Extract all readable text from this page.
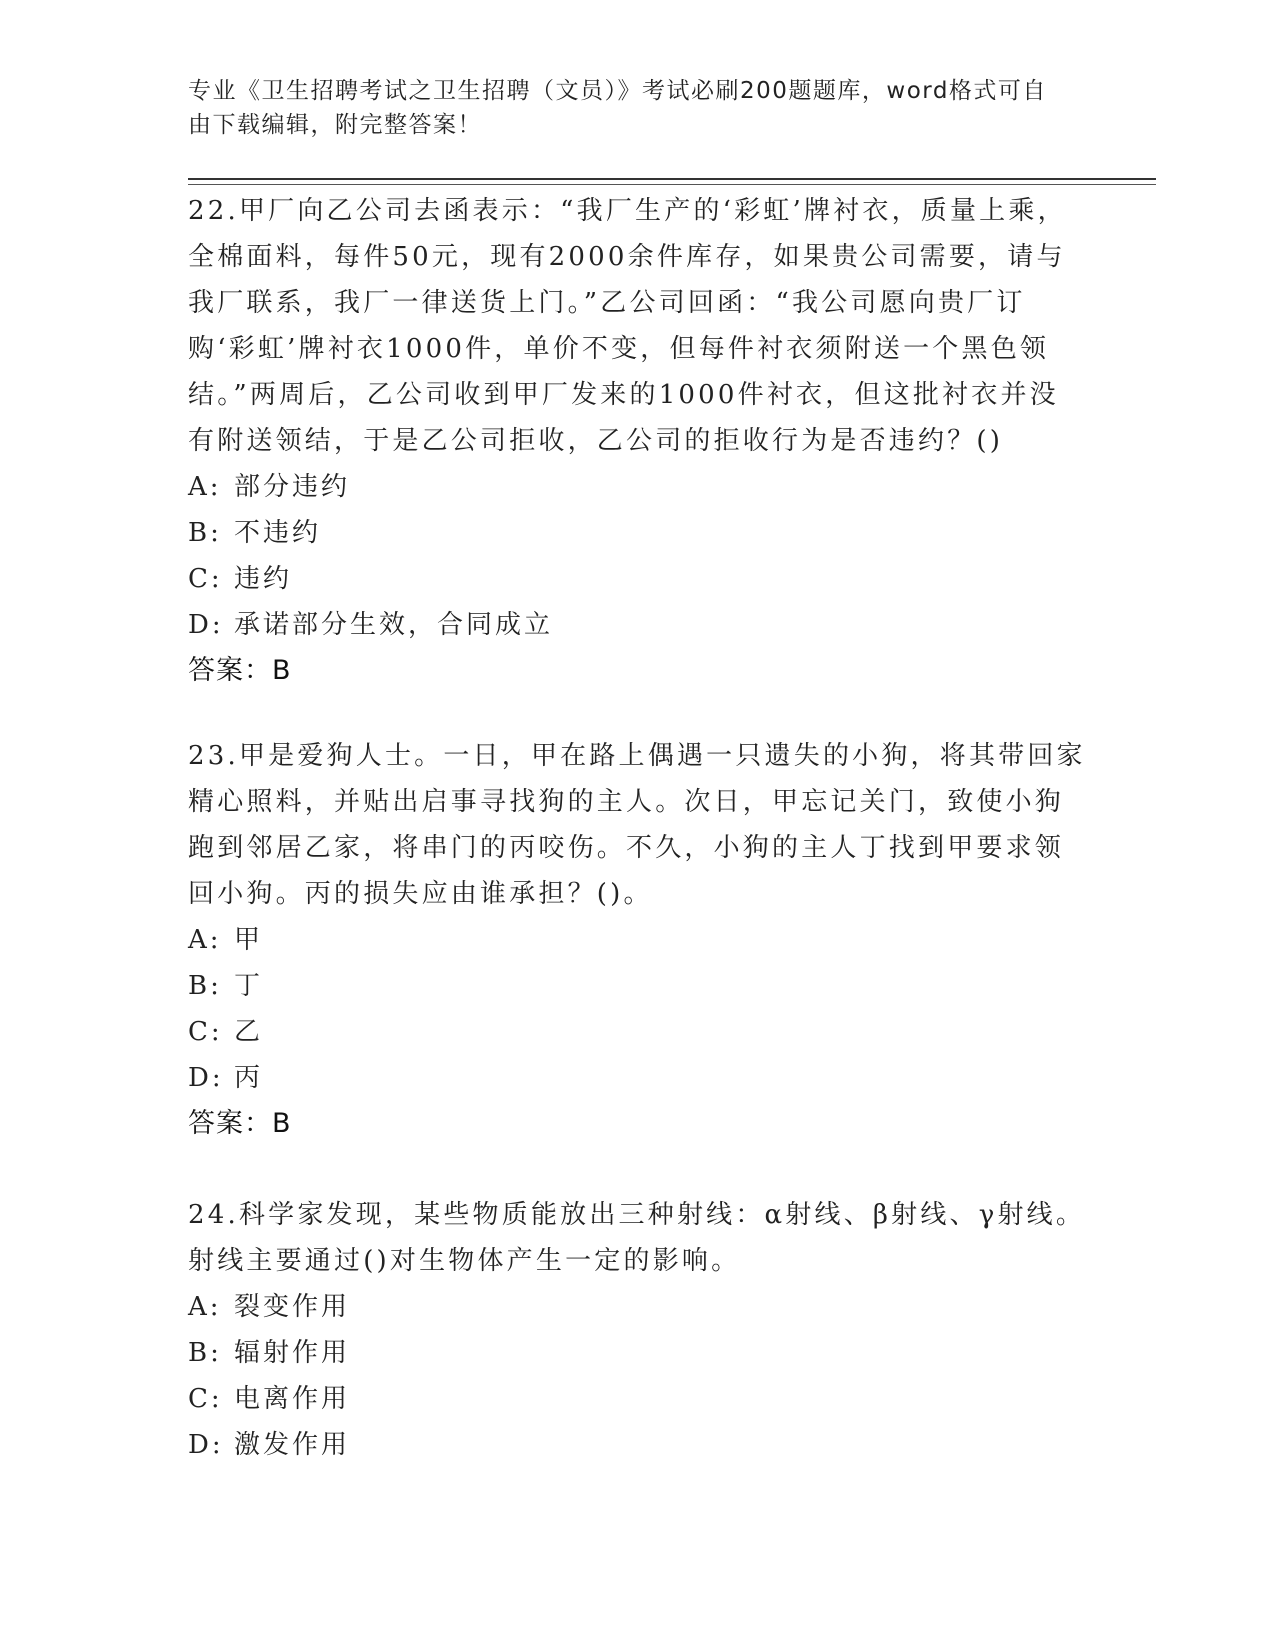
专业《卫生招聘考试之卫生招聘（文员）》考试必刷200题题库，word格式可自
由下载编辑，附完整答案！

22.甲厂向乙公司去函表示：“我厂生产的‘彩虹’牌衬衣，质量上乘，全棉面料，每件50元，现有2000余件库存，如果贵公司需要，请与我厂联系，我厂一律送货上门。”乙公司回函：“我公司愿向贵厂订购‘彩虹’牌衬衣1000件，单价不变，但每件衬衣须附送一个黑色领结。”两周后，乙公司收到甲厂发来的1000件衬衣，但这批衬衣并没有附送领结，于是乙公司拒收，乙公司的拒收行为是否违约？()

A: 部分违约

B: 不违约

C: 违约

D: 承诺部分生效，合同成立

答案：B

23.甲是爱狗人士。一日，甲在路上偶遇一只遗失的小狗，将其带回家精心照料，并贴出启事寻找狗的主人。次日，甲忘记关门，致使小狗跑到邻居乙家，将串门的丙咬伤。不久，小狗的主人丁找到甲要求领回小狗。丙的损失应由谁承担？()。

A: 甲

B: 丁

C: 乙

D: 丙

答案：B

24.科学家发现，某些物质能放出三种射线：α射线、β射线、γ射线。射线主要通过()对生物体产生一定的影响。

A: 裂变作用

B: 辐射作用

C: 电离作用

D: 激发作用
